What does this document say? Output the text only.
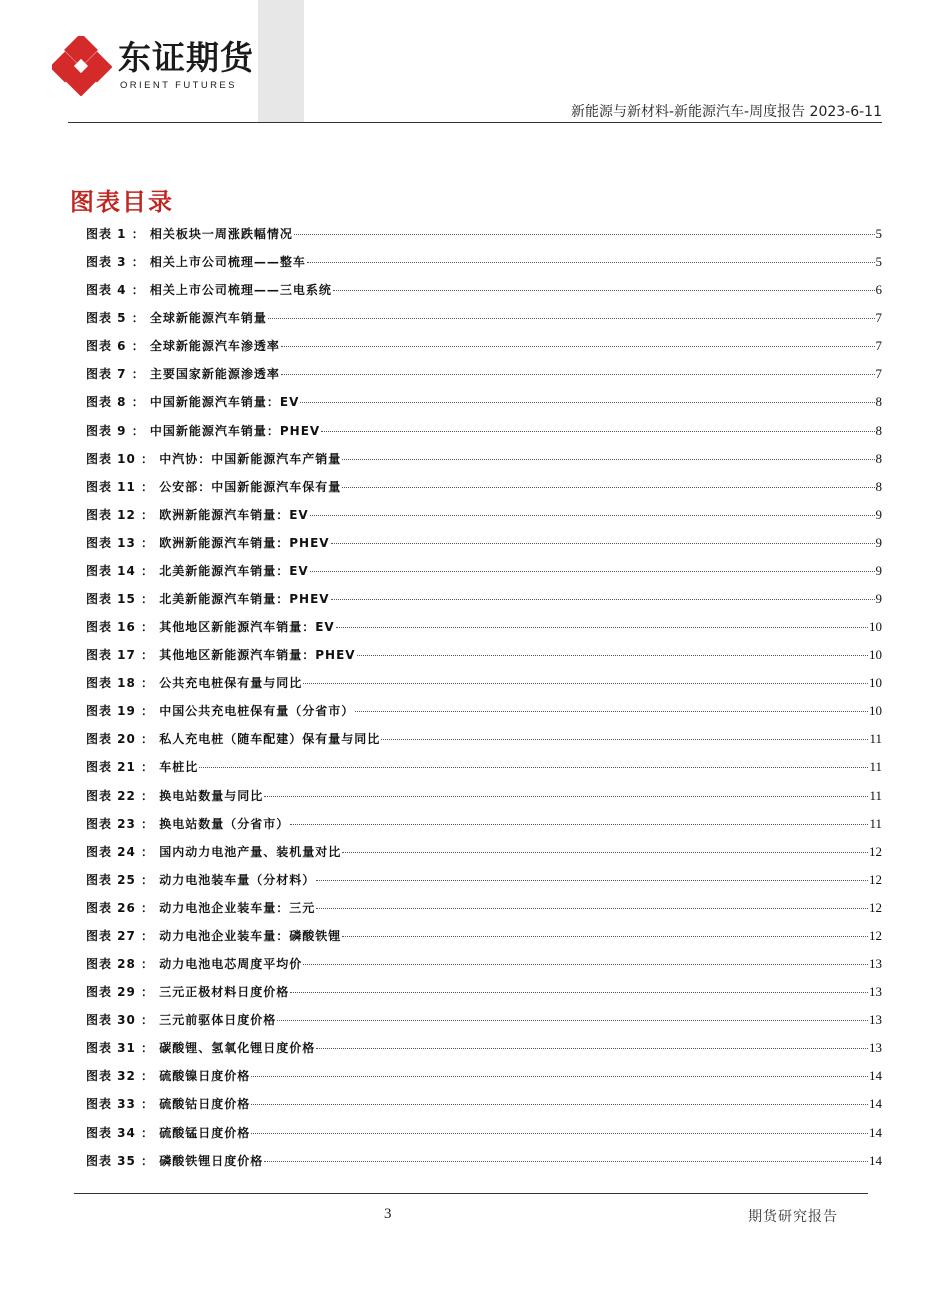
东证期货
ORIENT FUTURES
新能源与新材料-新能源汽车-周度报告 2023-6-11
图表目录
图表 1 ： 相关板块一周涨跌幅情况	5
图表 3 ： 相关上市公司梳理——整车	5
图表 4 ： 相关上市公司梳理——三电系统	6
图表 5 ： 全球新能源汽车销量	7
图表 6 ： 全球新能源汽车渗透率	7
图表 7 ： 主要国家新能源渗透率	7
图表 8 ： 中国新能源汽车销量：EV	8
图表 9 ： 中国新能源汽车销量：PHEV	8
图表 10 ： 中汽协：中国新能源汽车产销量	8
图表 11 ： 公安部：中国新能源汽车保有量	8
图表 12 ： 欧洲新能源汽车销量：EV	9
图表 13 ： 欧洲新能源汽车销量：PHEV	9
图表 14 ： 北美新能源汽车销量：EV	9
图表 15 ： 北美新能源汽车销量：PHEV	9
图表 16 ： 其他地区新能源汽车销量：EV	10
图表 17 ： 其他地区新能源汽车销量：PHEV	10
图表 18 ： 公共充电桩保有量与同比	10
图表 19 ： 中国公共充电桩保有量（分省市）	10
图表 20 ： 私人充电桩（随车配建）保有量与同比	11
图表 21 ： 车桩比	11
图表 22 ： 换电站数量与同比	11
图表 23 ： 换电站数量（分省市）	11
图表 24 ： 国内动力电池产量、装机量对比	12
图表 25 ： 动力电池装车量（分材料）	12
图表 26 ： 动力电池企业装车量：三元	12
图表 27 ： 动力电池企业装车量：磷酸铁锂	12
图表 28 ： 动力电池电芯周度平均价	13
图表 29 ： 三元正极材料日度价格	13
图表 30 ： 三元前驱体日度价格	13
图表 31 ： 碳酸锂、氢氧化锂日度价格	13
图表 32 ： 硫酸镍日度价格	14
图表 33 ： 硫酸钴日度价格	14
图表 34 ： 硫酸锰日度价格	14
图表 35 ： 磷酸铁锂日度价格	14
3	期货研究报告
